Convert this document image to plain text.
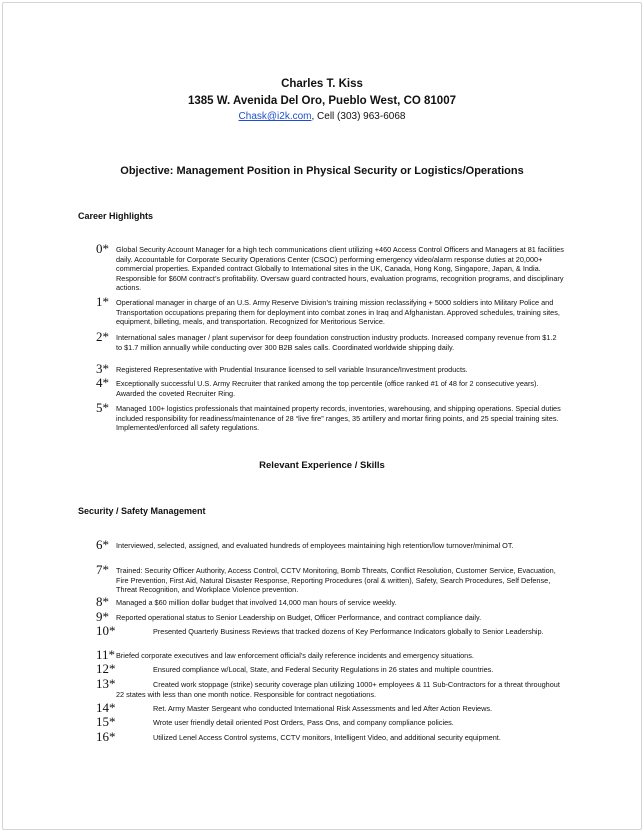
Charles T. Kiss
1385 W. Avenida Del Oro, Pueblo West, CO 81007
Chask@i2k.com, Cell (303) 963-6068
Objective: Management Position in Physical Security or Logistics/Operations
Career Highlights
0* Global Security Account Manager for a high tech communications client utilizing +460 Access Control Officers and Managers at 81 facilities daily. Accountable for Corporate Security Operations Center (CSOC) performing emergency video/alarm response duties at 20,000+ commercial properties. Expanded contract Globally to International sites in the UK, Canada, Hong Kong, Singapore, Japan, & India. Responsible for $60M contract’s profitability. Oversaw guard contracted hours, evaluation programs, recognition programs, and disciplinary actions.
1* Operational manager in charge of an U.S. Army Reserve Division’s training mission reclassifying + 5000 soldiers into Military Police and Transportation occupations preparing them for deployment into combat zones in Iraq and Afghanistan. Approved schedules, training sites, equipment, billeting, meals, and transportation. Recognized for Meritorious Service.
2* International sales manager / plant supervisor for deep foundation construction industry products. Increased company revenue from $1.2 to $1.7 million annually while conducting over 300 B2B sales calls. Coordinated worldwide shipping daily.
3* Registered Representative with Prudential Insurance licensed to sell variable Insurance/Investment products.
4* Exceptionally successful U.S. Army Recruiter that ranked among the top percentile (office ranked #1 of 48 for 2 consecutive years). Awarded the coveted Recruiter Ring.
5* Managed 100+ logistics professionals that maintained property records, inventories, warehousing, and shipping operations. Special duties included responsibility for readiness/maintenance of 28 “live fire” ranges, 35 artillery and mortar firing points, and 25 special training sites. Implemented/enforced all safety regulations.
Relevant Experience / Skills
Security / Safety Management
6* Interviewed, selected, assigned, and evaluated hundreds of employees maintaining high retention/low turnover/minimal OT.
7* Trained: Security Officer Authority, Access Control, CCTV Monitoring, Bomb Threats, Conflict Resolution, Customer Service, Evacuation, Fire Prevention, First Aid, Natural Disaster Response, Reporting Procedures (oral & written), Safety, Search Procedures, Self Defense, Threat Recognition, and Workplace Violence prevention.
8* Managed a $60 million dollar budget that involved 14,000 man hours of service weekly.
9* Reported operational status to Senior Leadership on Budget, Officer Performance, and contract compliance daily.
10*	Presented Quarterly Business Reviews that tracked dozens of Key Performance Indicators globally to Senior Leadership.
11* Briefed corporate executives and law enforcement official’s daily reference incidents and emergency situations.
12*	Ensured compliance w/Local, State, and Federal Security Regulations in 26 states and multiple countries.
13*	Created work stoppage (strike) security coverage plan utilizing 1000+ employees & 11 Sub-Contractors for a threat throughout 22 states with less than one month notice. Responsible for contract negotiations.
14*	Ret. Army Master Sergeant who conducted International Risk Assessments and led After Action Reviews.
15*	Wrote user friendly detail oriented Post Orders, Pass Ons, and company compliance policies.
16*	Utilized Lenel Access Control systems, CCTV monitors, Intelligent Video, and additional security equipment.
